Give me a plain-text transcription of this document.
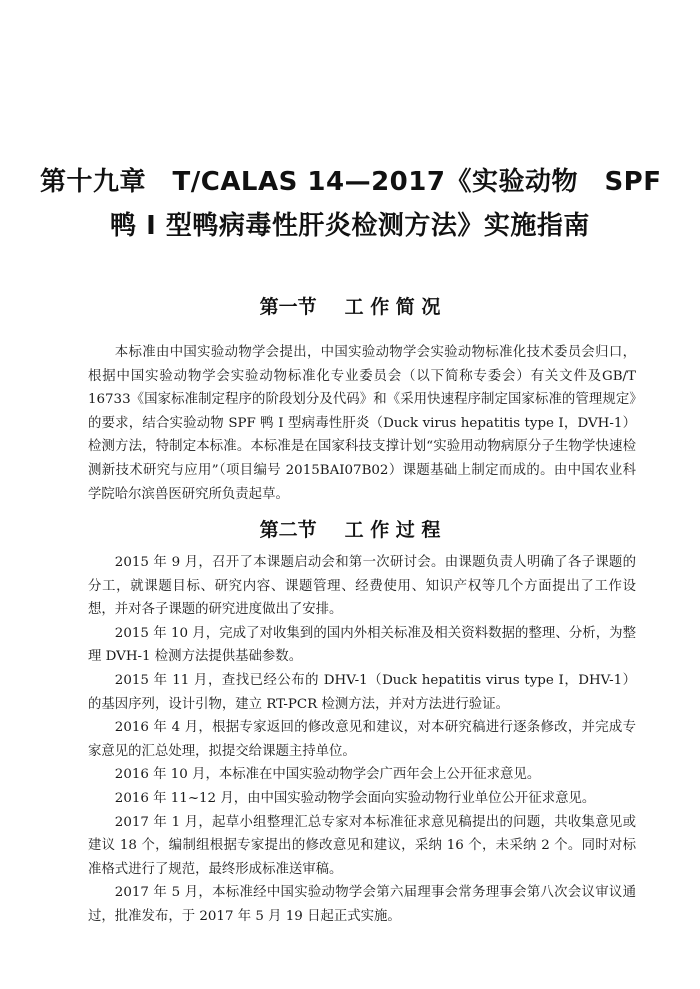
第十九章　T/CALAS 14—2017《实验动物　SPF
鸭 I 型鸭病毒性肝炎检测方法》实施指南
第一节 工 作 简 况

本标准由中国实验动物学会提出，中国实验动物学会实验动物标准化技术委员会归口，根据中国实验动物学会实验动物标准化专业委员会（以下简称专委会）有关文件及GB/T 16733《国家标准制定程序的阶段划分及代码》和《采用快速程序制定国家标准的管理规定》的要求，结合实验动物 SPF 鸭 I 型病毒性肝炎（Duck virus hepatitis type I，DVH-1）检测方法，特制定本标准。本标准是在国家科技支撑计划“实验用动物病原分子生物学快速检测新技术研究与应用”（项目编号 2015BAI07B02）课题基础上制定而成的。由中国农业科学院哈尔滨兽医研究所负责起草。

第二节 工 作 过 程

2015 年 9 月，召开了本课题启动会和第一次研讨会。由课题负责人明确了各子课题的分工，就课题目标、研究内容、课题管理、经费使用、知识产权等几个方面提出了工作设想，并对各子课题的研究进度做出了安排。

2015 年 10 月，完成了对收集到的国内外相关标准及相关资料数据的整理、分析，为整理 DVH-1 检测方法提供基础参数。

2015 年 11 月，查找已经公布的 DHV-1（Duck hepatitis virus type I，DHV-1）的基因序列，设计引物，建立 RT-PCR 检测方法，并对方法进行验证。

2016 年 4 月，根据专家返回的修改意见和建议，对本研究稿进行逐条修改，并完成专家意见的汇总处理，拟提交给课题主持单位。

2016 年 10 月，本标准在中国实验动物学会广西年会上公开征求意见。

2016 年 11~12 月，由中国实验动物学会面向实验动物行业单位公开征求意见。

2017 年 1 月，起草小组整理汇总专家对本标准征求意见稿提出的问题，共收集意见或建议 18 个，编制组根据专家提出的修改意见和建议，采纳 16 个，未采纳 2 个。同时对标准格式进行了规范，最终形成标准送审稿。

2017 年 5 月，本标准经中国实验动物学会第六届理事会常务理事会第八次会议审议通过，批准发布，于 2017 年 5 月 19 日起正式实施。
